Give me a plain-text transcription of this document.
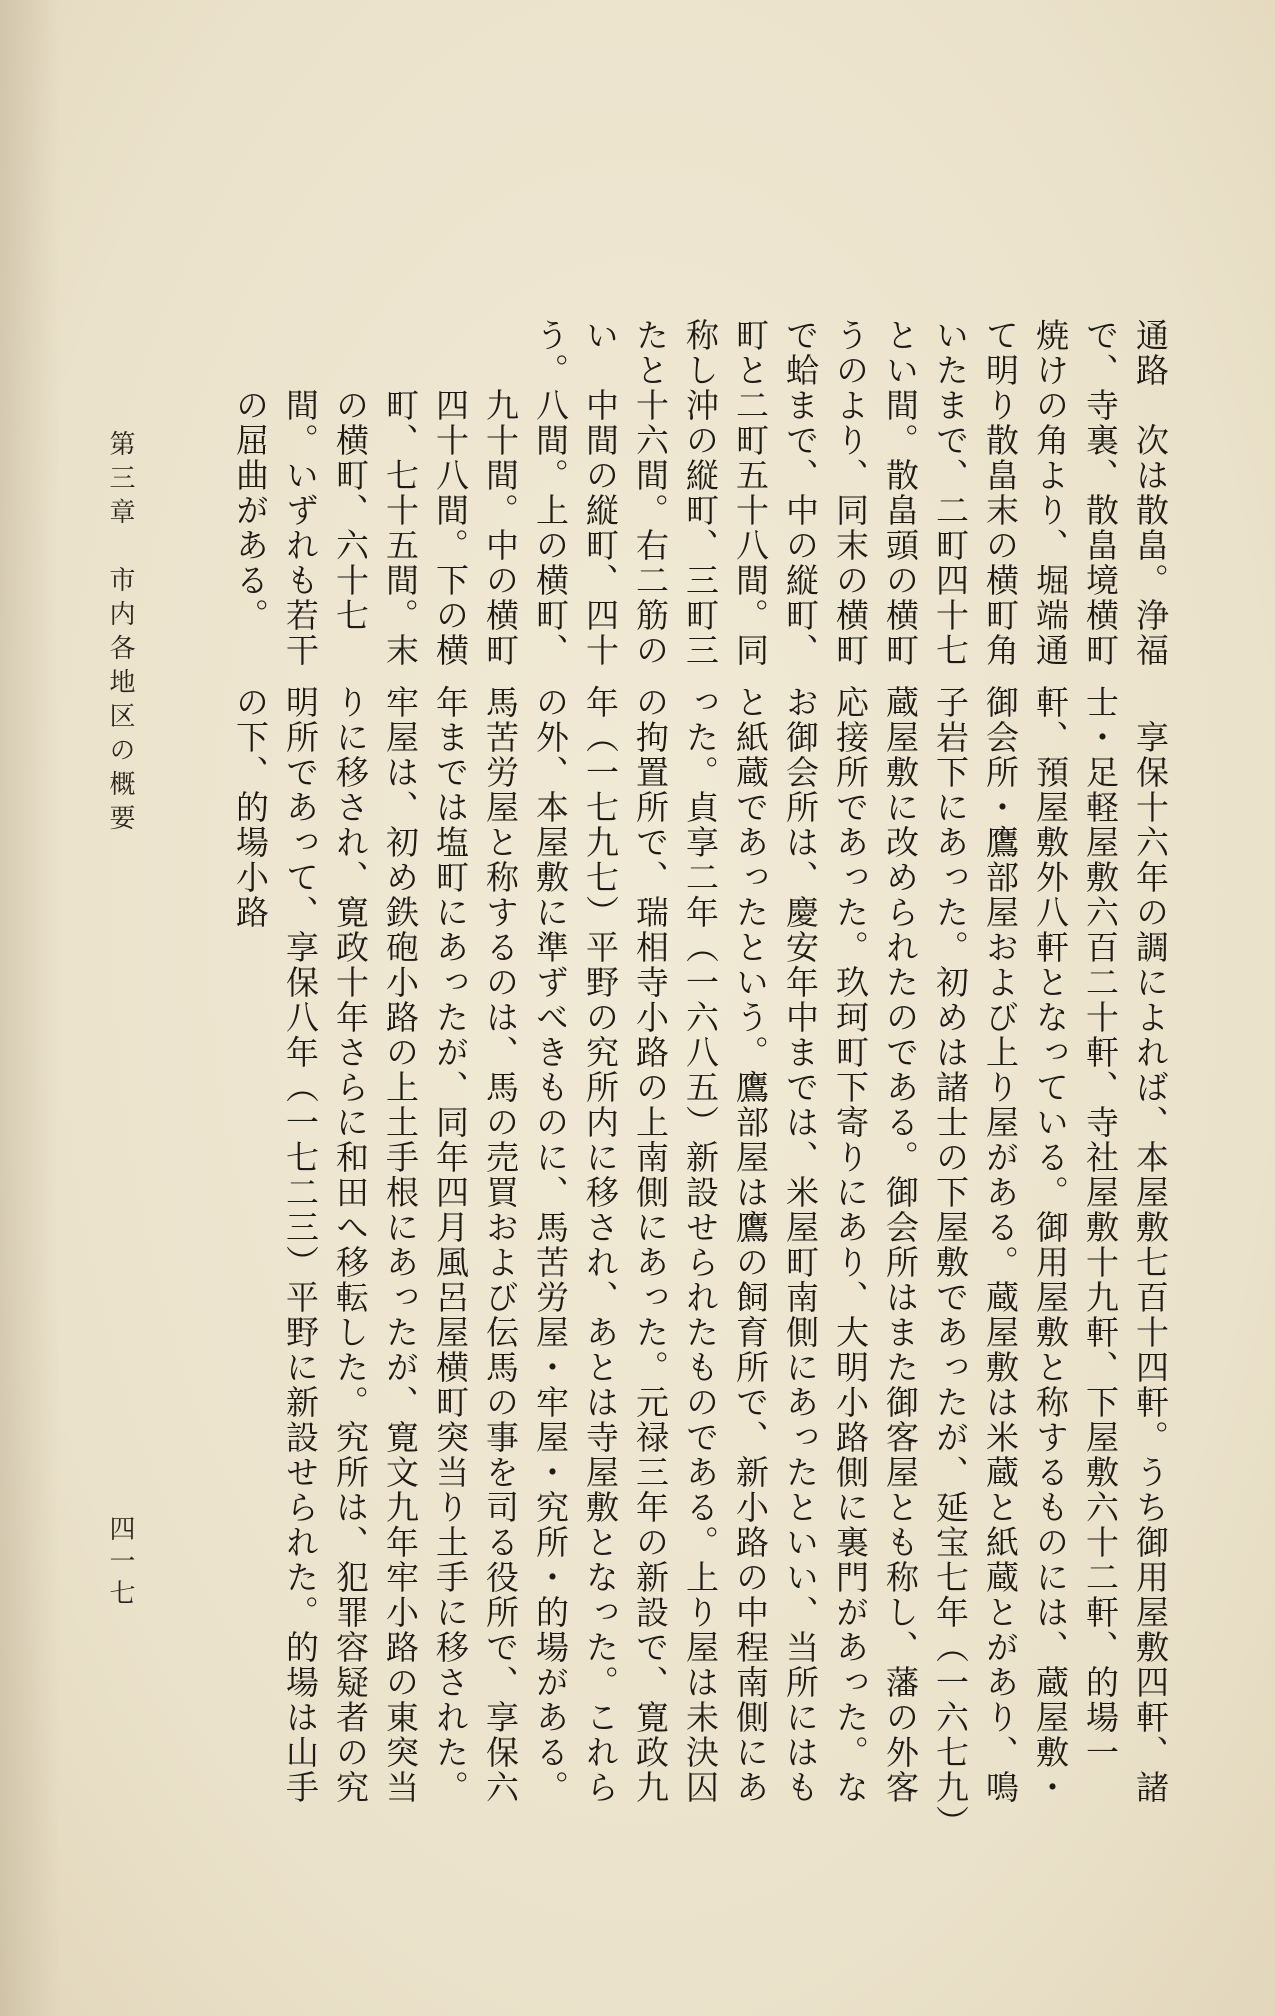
通路で、焼けて明いたというので蛤町と称したという。

　次は散畠。浄福寺裏、散畠境横町の角より、堀端通り散畠末の横町角まで、二町四十七間。散畠頭の横町より、同末の横町まで、中の縦町、二町五十八間。同沖の縦町、三町三十六間。右二筋の中間の縦町、四十八間。上の横町、九十間。中の横町四十八間。下の横町、七十五間。末の横町、六十七間。いずれも若干の屈曲がある。

　享保十六年の調によれば、本屋敷七百十四軒。うち御用屋敷四軒、諸士・足軽屋敷六百二十軒、寺社屋敷十九軒、下屋敷六十二軒、的場一軒、預屋敷外八軒となっている。御用屋敷と称するものには、蔵屋敷・御会所・鷹部屋および上り屋がある。蔵屋敷は米蔵と紙蔵とがあり、鳴子岩下にあった。初めは諸士の下屋敷であったが、延宝七年（一六七九）蔵屋敷に改められたのである。御会所はまた御客屋とも称し、藩の外客応接所であった。玖珂町下寄りにあり、大明小路側に裏門があった。なお御会所は、慶安年中までは、米屋町南側にあったといい、当所にはもと紙蔵であったという。鷹部屋は鷹の飼育所で、新小路の中程南側にあった。貞享二年（一六八五）新設せられたものである。上り屋は未決囚の拘置所で、瑞相寺小路の上南側にあった。元禄三年の新設で、寛政九年（一七九七）平野の究所内に移され、あとは寺屋敷となった。これらの外、本屋敷に準ずべきものに、馬苦労屋・牢屋・究所・的場がある。馬苦労屋と称するのは、馬の売買および伝馬の事を司る役所で、享保六年までは塩町にあったが、同年四月風呂屋横町突当り土手に移された。牢屋は、初め鉄砲小路の上土手根にあったが、寛文九年牢小路の東突当りに移され、寛政十年さらに和田へ移転した。究所は、犯罪容疑者の究明所であって、享保八年（一七二三）平野に新設せられた。的場は山手の下、的場小路

第三章　市内各地区の概要
四一七
